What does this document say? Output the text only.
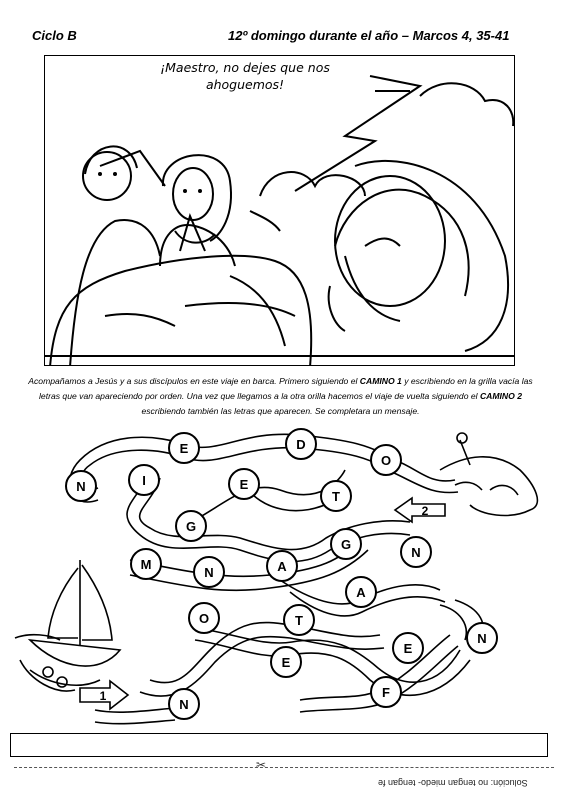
Ciclo B	12º domingo durante el año – Marcos 4, 35-41
¡Maestro, no dejes que nos ahoguemos!
Acompañamos a Jesús y a sus discípulos en este viaje en barca. Primero siguiendo el CAMINO 1 y escribiendo en la grilla vacía las letras que van apareciendo por orden. Una vez que llegamos a la otra orilla hacemos el viaje de vuelta siguiendo el CAMINO 2 escribiendo también las letras que aparecen. Se completara un mensaje.
2
1
E	D
O
N	I	E
T
G
G
N
M
N	A
A
O	T
N
E
E
F
N
✂
Solución: no tengan miedo- tengan fe
